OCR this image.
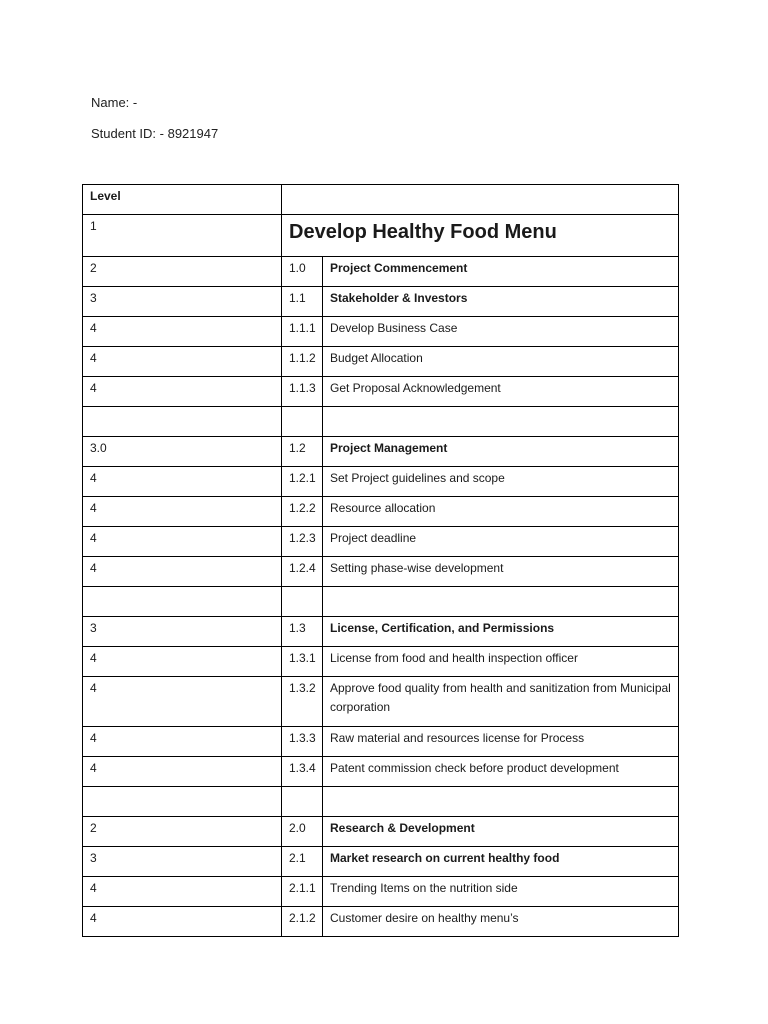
Name: -
Student ID: - 8921947
Level		
1	Develop Healthy Food Menu	

2	1.0	Project Commencement
3	1.1	Stakeholder & Investors
4	1.1.1	Develop Business Case
4	1.1.2	Budget Allocation
4	1.1.3	Get Proposal Acknowledgement

3.0	1.2	Project Management
4	1.2.1	Set Project guidelines and scope
4	1.2.2	Resource allocation
4	1.2.3	Project deadline
4	1.2.4	Setting phase-wise development

3	1.3	License, Certification, and Permissions
4	1.3.1	License from food and health inspection officer
4	1.3.2	Approve food quality from health and sanitization from Municipal corporation
4	1.3.3	Raw material and resources license for Process
4	1.3.4	Patent commission check before product development

2	2.0	Research & Development
3	2.1	Market research on current healthy food
4	2.1.1	Trending Items on the nutrition side
4	2.1.2	Customer desire on healthy menu’s
